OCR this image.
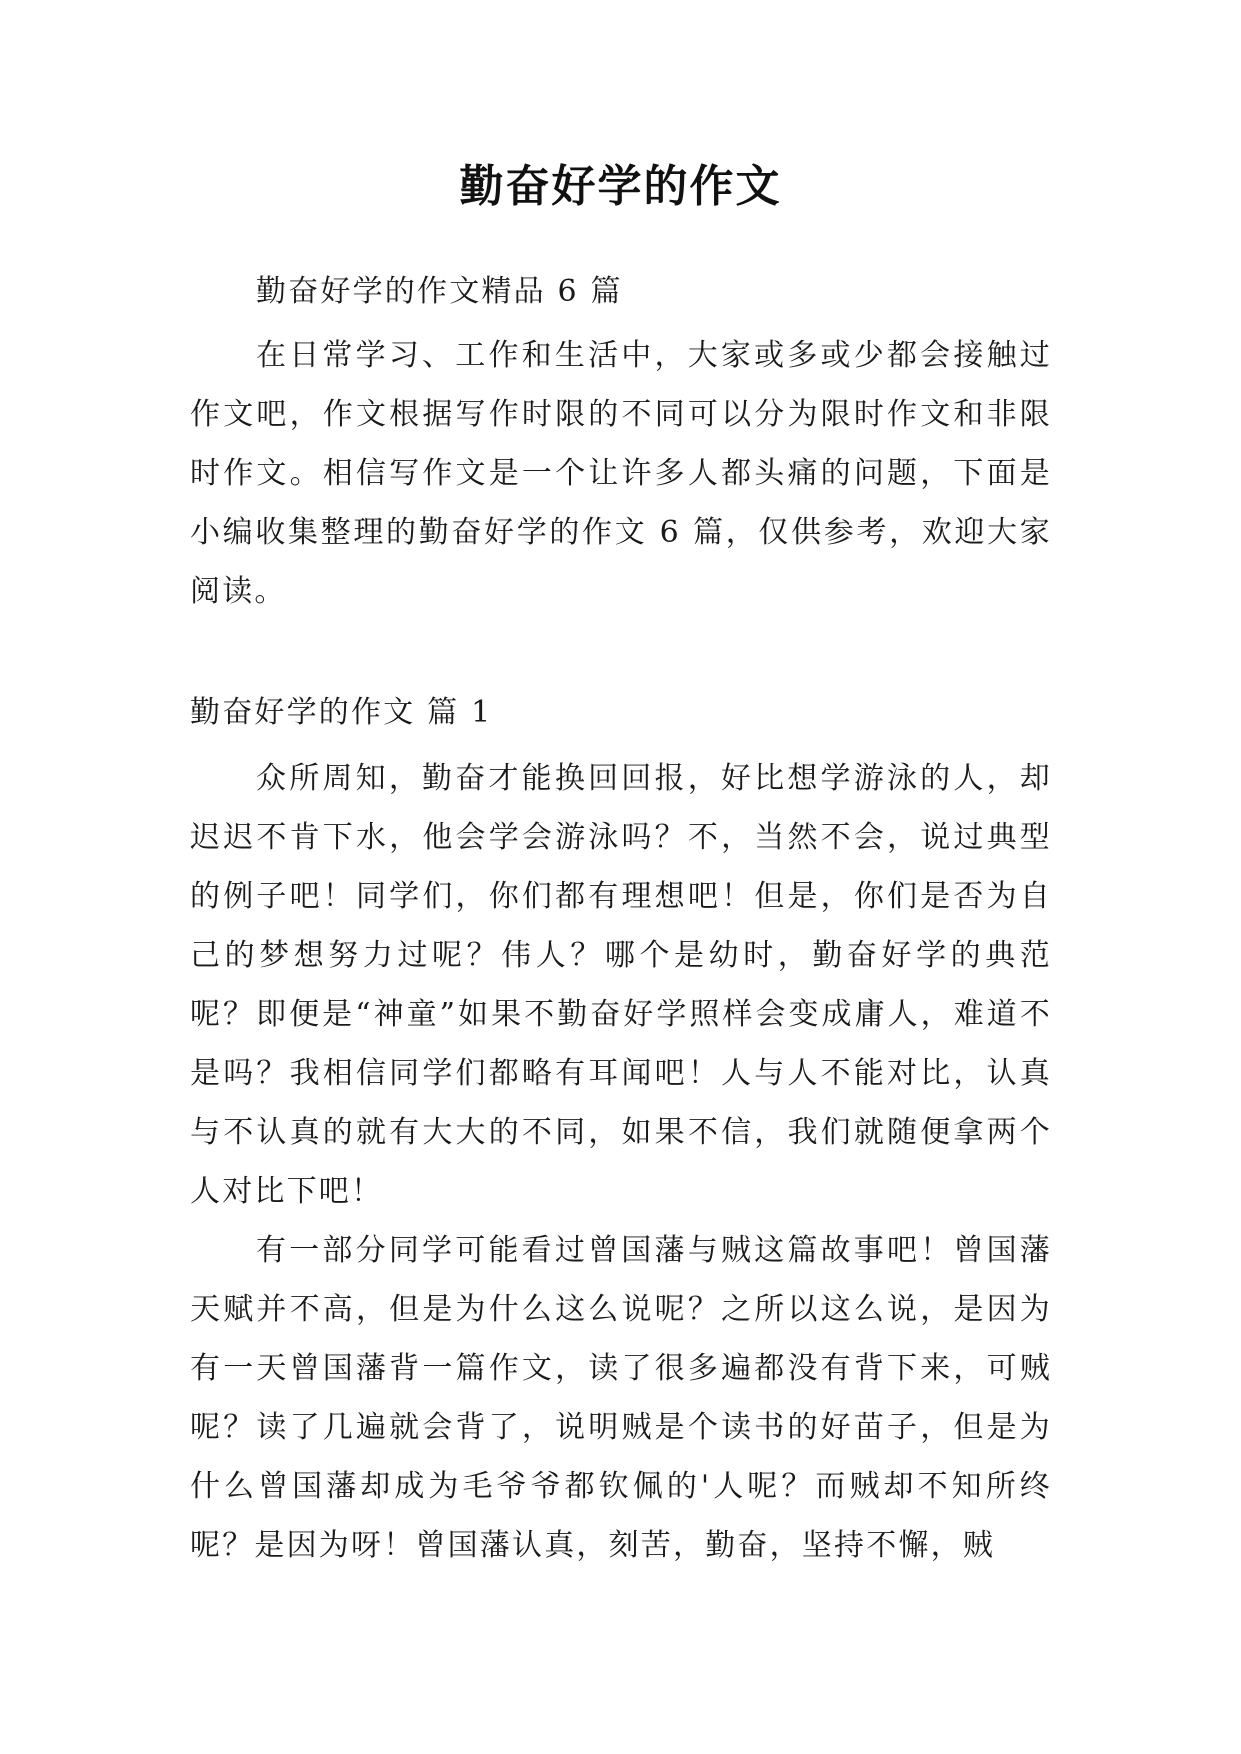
勤奋好学的作文

勤奋好学的作文精品 6 篇

在日常学习、工作和生活中，大家或多或少都会接触过作文吧，作文根据写作时限的不同可以分为限时作文和非限时作文。相信写作文是一个让许多人都头痛的问题，下面是小编收集整理的勤奋好学的作文 6 篇，仅供参考，欢迎大家阅读。

勤奋好学的作文 篇 1

众所周知，勤奋才能换回回报，好比想学游泳的人，却迟迟不肯下水，他会学会游泳吗？不，当然不会，说过典型的例子吧！同学们，你们都有理想吧！但是，你们是否为自己的梦想努力过呢？伟人？哪个是幼时，勤奋好学的典范呢？即便是“神童”如果不勤奋好学照样会变成庸人，难道不是吗？我相信同学们都略有耳闻吧！人与人不能对比，认真与不认真的就有大大的不同，如果不信，我们就随便拿两个人对比下吧！

有一部分同学可能看过曾国藩与贼这篇故事吧！曾国藩天赋并不高，但是为什么这么说呢？之所以这么说，是因为有一天曾国藩背一篇作文，读了很多遍都没有背下来，可贼呢？读了几遍就会背了，说明贼是个读书的好苗子，但是为什么曾国藩却成为毛爷爷都钦佩的'人呢？而贼却不知所终呢？是因为呀！曾国藩认真，刻苦，勤奋，坚持不懈，贼
